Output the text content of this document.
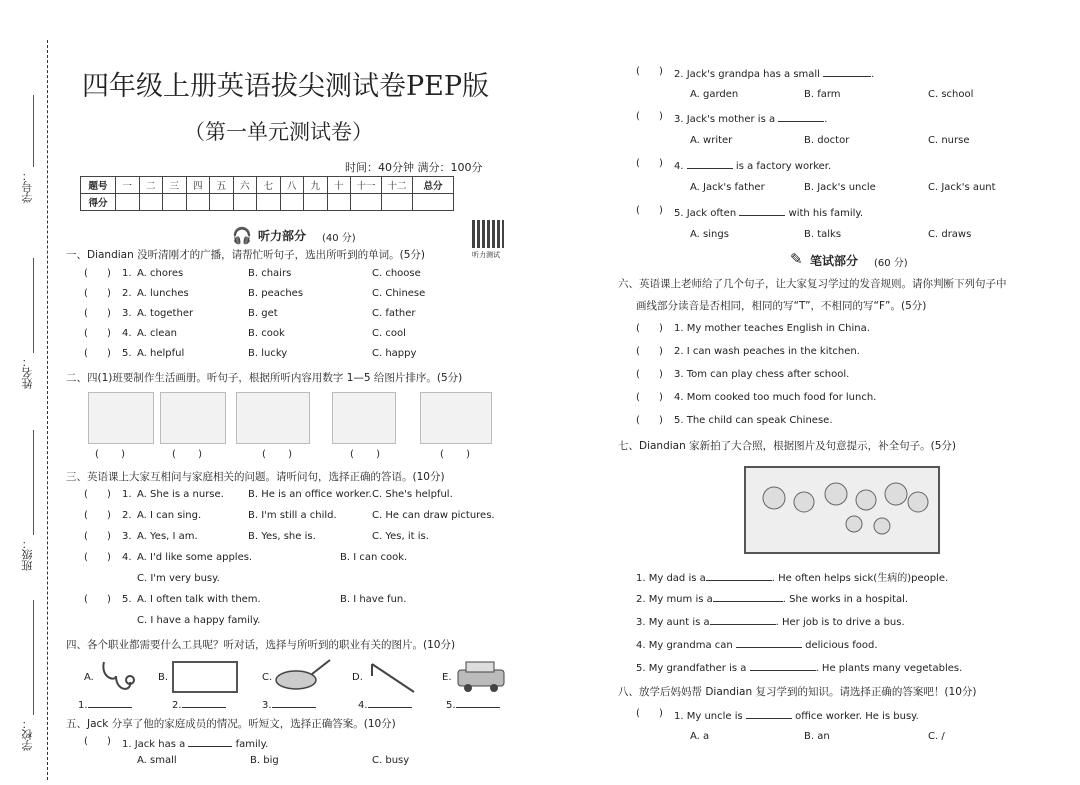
学号：
姓名：
班级：
学校：
四年级上册英语拔尖测试卷PEP版
（第一单元测试卷）
时间：40分钟 满分：100分
题号	一	二	三	四	五	六	七	八	九	十	十一	十二	总分
得分													
🎧 听力部分 (40 分)
听力测试
一、Diandian 没听清刚才的广播，请帮忙听句子，选出所听到的单词。(5分)
(      ) 1. A. chores	B. chairs	C. choose
(      ) 2. A. lunches	B. peaches	C. Chinese
(      ) 3. A. together	B. get	C. father
(      ) 4. A. clean	B. cook	C. cool
(      ) 5. A. helpful	B. lucky	C. happy
二、四(1)班要制作生活画册。听句子，根据所听内容用数字 1—5 给图片排序。(5分)
(       )	(       )	(       )	(       )	(       )
三、英语课上大家互相问与家庭相关的问题。请听问句，选择正确的答语。(10分)
(      ) 1. A. She is a nurse. B. He is an office worker. C. She's helpful.
(      ) 2. A. I can sing.	B. I'm still a child.	C. He can draw pictures.
(      ) 3. A. Yes, I am.	B. Yes, she is.	C. Yes, it is.
(      ) 4. A. I'd like some apples.	B. I can cook.
C. I'm very busy.
(      ) 5. A. I often talk with them.	B. I have fun.
C. I have a happy family.
四、各个职业都需要什么工具呢？听对话，选择与所听到的职业有关的图片。(10分)
A.	B.	C.	D.	E.
1.	2.	3.	4.	5.
五、Jack 分享了他的家庭成员的情况。听短文，选择正确答案。(10分)
(      ) 1. Jack has a	family.
A. small	B. big	C. busy
(      ) 2. Jack's grandpa has a small	.
A. garden	B. farm	C. school
(      ) 3. Jack's mother is a	.
A. writer	B. doctor	C. nurse
(      ) 4.	is a factory worker.
A. Jack's father	B. Jack's uncle	C. Jack's aunt
(      ) 5. Jack often	with his family.
A. sings	B. talks	C. draws
✎ 笔试部分 (60 分)
六、英语课上老师给了几个句子，让大家复习学过的发音规则。请你判断下列句子中
画线部分读音是否相同，相同的写“T”，不相同的写“F”。(5分)
(      ) 1. My mother teaches English in China.
(      ) 2. I can wash peaches in the kitchen.
(      ) 3. Tom can play chess after school.
(      ) 4. Mom cooked too much food for lunch.
(      ) 5. The child can speak Chinese.
七、Diandian 家新拍了大合照，根据图片及句意提示，补全句子。(5分)
1. My dad is a	. He often helps sick(生病的)people.
2. My mum is a	. She works in a hospital.
3. My aunt is a	. Her job is to drive a bus.
4. My grandma can	delicious food.
5. My grandfather is a	. He plants many vegetables.
八、放学后妈妈帮 Diandian 复习学到的知识。请选择正确的答案吧！(10分)
(      ) 1. My uncle is	office worker. He is busy.
A. a	B. an	C. /
